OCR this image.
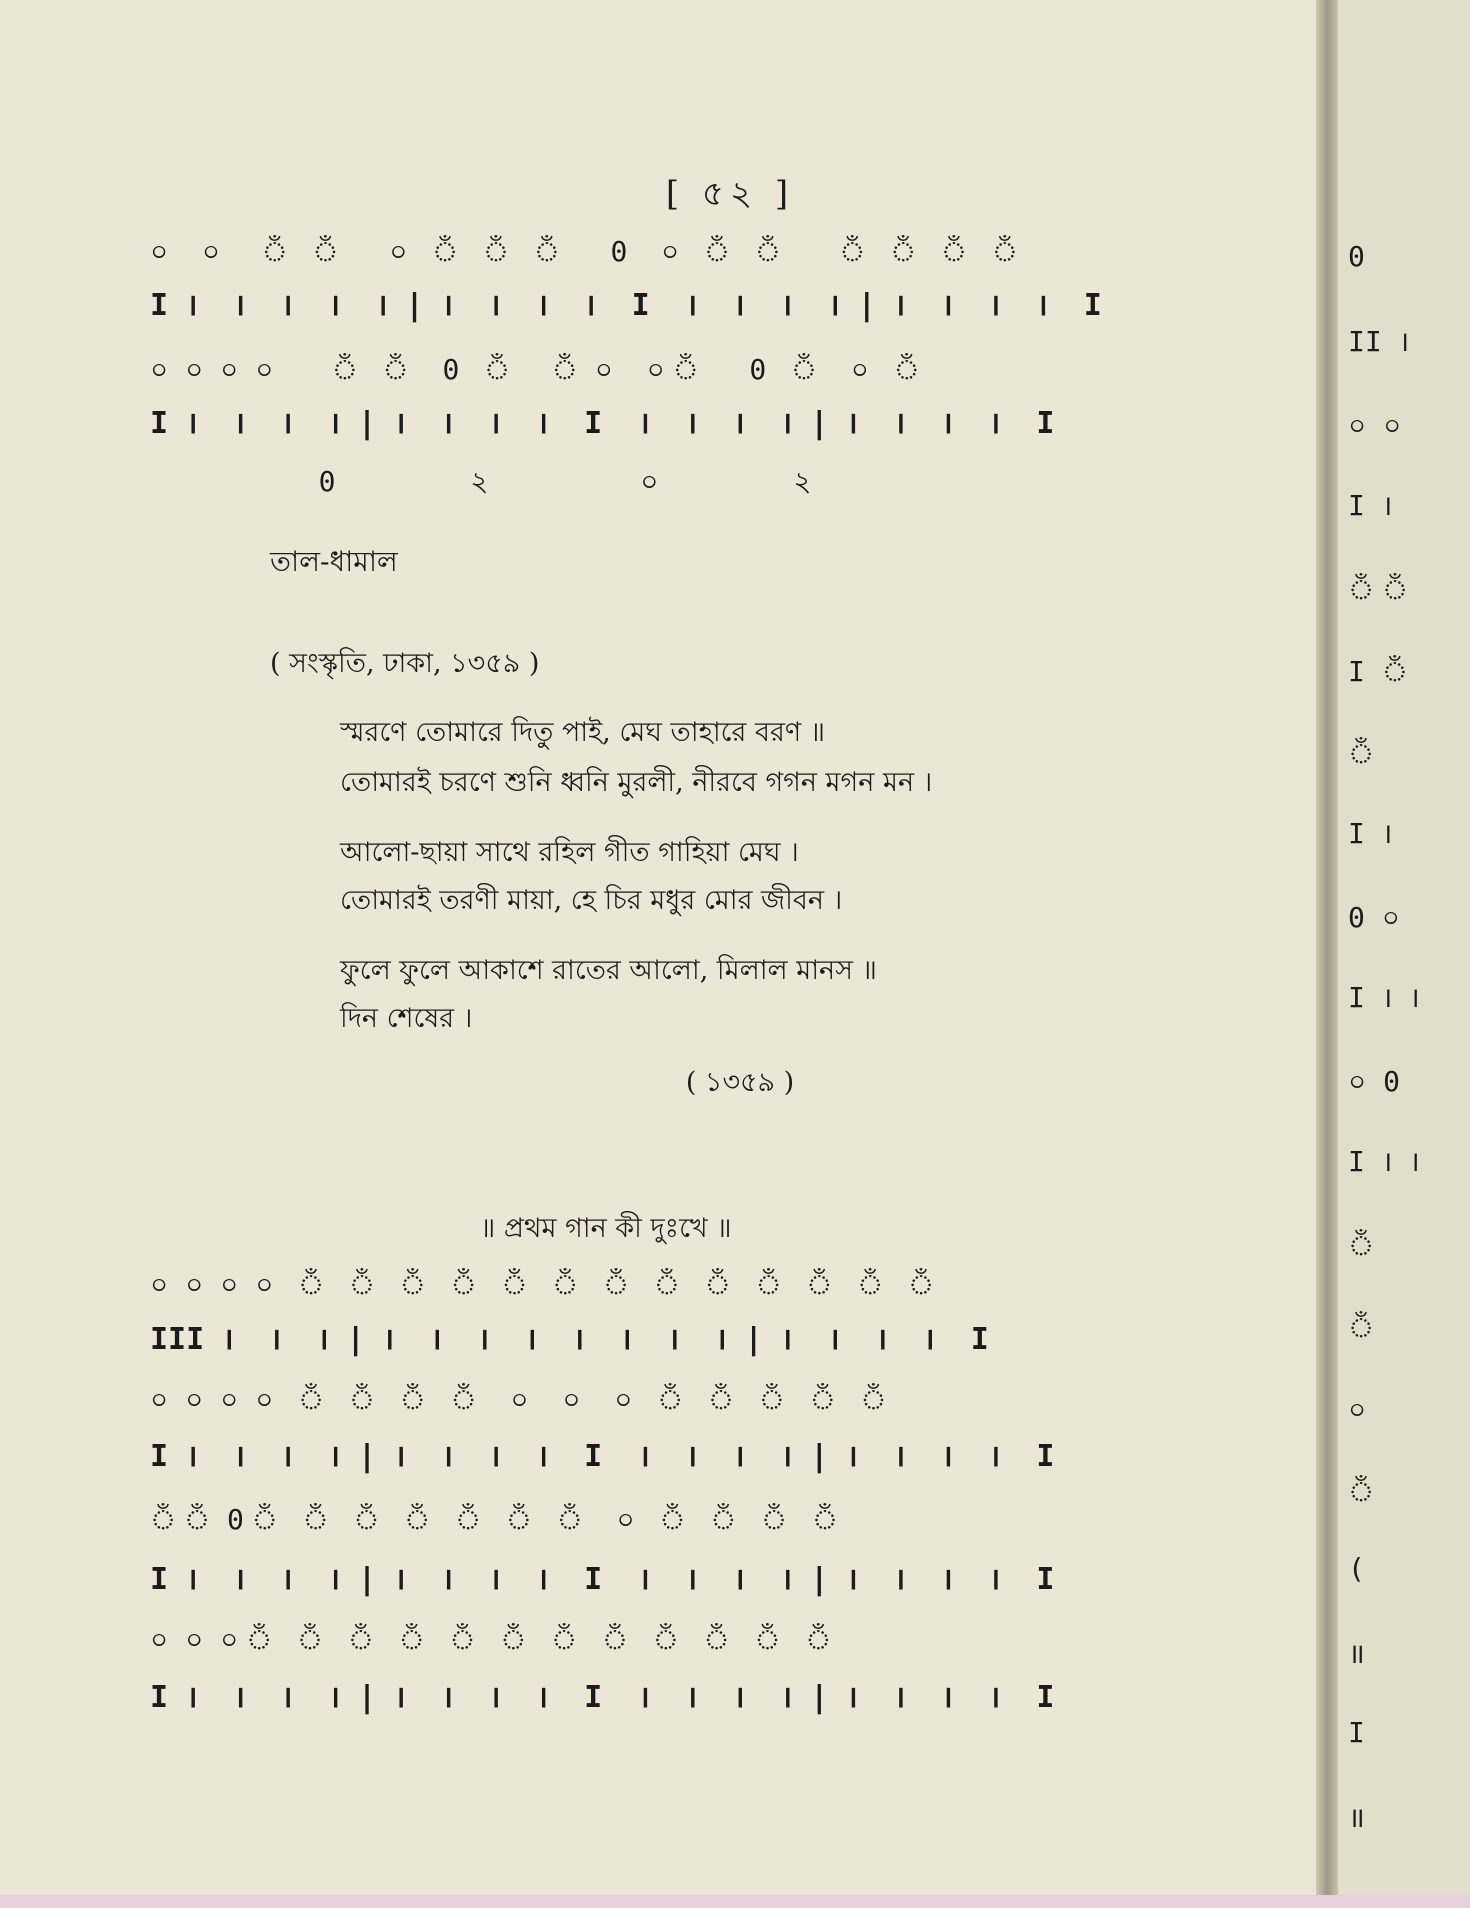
[ ৫২ ]
০  ০   ঁ  ঁ   ০  ঁ  ঁ  ঁ   0  ০  ঁ  ঁ    ঁ  ঁ  ঁ  ঁ
I ।  ।  ।  ।  । | ।  ।  ।  ।  I  ।  ।  ।  । | ।  ।  ।  ।  I
০ ০ ০ ০    ঁ  ঁ  0  ঁ   ঁ ০  ০ ঁ   0  ঁ  ০  ঁ
I ।  ।  ।  । | ।  ।  ।  ।  I  ।  ।  ।  । | ।  ।  ।  ।  I
0        ২         ০        ২
তাল-ধামাল
( সংস্কৃতি, ঢাকা, ১৩৫৯ )
স্মরণে তোমারে দিতু পাই, মেঘ তাহারে বরণ ॥
তোমারই চরণে শুনি ধ্বনি মুরলী, নীরবে গগন মগন মন ।
আলো-ছায়া সাথে রহিল গীত গাহিয়া মেঘ ।
তোমারই তরণী মায়া, হে চির মধুর মোর জীবন ।
ফুলে ফুলে আকাশে রাতের আলো, মিলাল মানস ॥
দিন শেষের ।
( ১৩৫৯ )
॥ প্রথম গান কী দুঃখে ॥
০ ০ ০ ০  ঁ  ঁ  ঁ  ঁ  ঁ  ঁ  ঁ  ঁ  ঁ  ঁ  ঁ  ঁ  ঁ
III ।  ।  । | ।  ।  ।  ।  ।  ।  ।  । | ।  ।  ।  ।  I
০ ০ ০ ০  ঁ  ঁ  ঁ  ঁ  ০  ০  ০  ঁ  ঁ  ঁ  ঁ  ঁ
I ।  ।  ।  । | ।  ।  ।  ।  I  ।  ।  ।  । | ।  ।  ।  ।  I
ঁ ঁ 0 ঁ  ঁ  ঁ  ঁ  ঁ  ঁ  ঁ  ০  ঁ  ঁ  ঁ  ঁ
I ।  ।  ।  । | ।  ।  ।  ।  I  ।  ।  ।  । | ।  ।  ।  ।  I
০ ০ ০ ঁ  ঁ  ঁ  ঁ  ঁ  ঁ  ঁ  ঁ  ঁ  ঁ  ঁ  ঁ
I ।  ।  ।  । | ।  ।  ।  ।  I  ।  ।  ।  । | ।  ।  ।  ।  I
0
II ।
০ ০
I ।
ঁ ঁ
I ঁ
ঁ
I ।
0 ০
I । ।
০ 0
I । ।
ঁ
ঁ
০
ঁ
(
॥
I
॥
